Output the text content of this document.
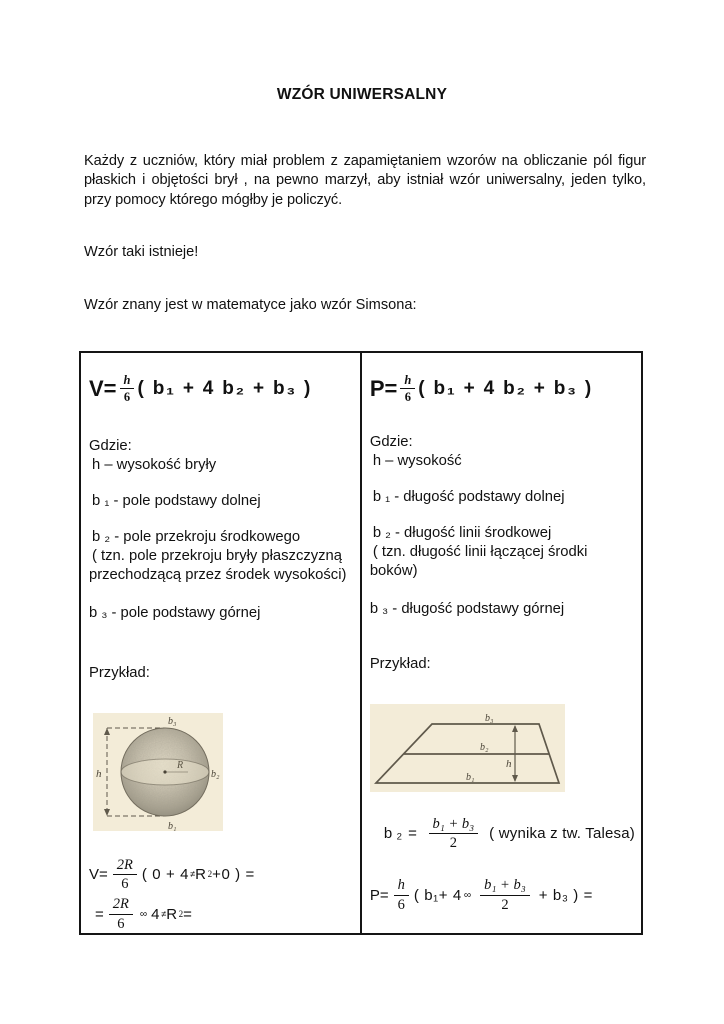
WZÓR UNIWERSALNY
Każdy z uczniów, który miał problem z zapamiętaniem wzorów na obliczanie pól figur płaskich i objętości brył , na pewno marzył, aby istniał wzór uniwersalny, jeden tylko, przy pomocy którego mógłby je policzyć.
Wzór taki istnieje!
Wzór znany jest w matematyce jako wzór Simsona:
$V= \frac{h}{6}$ ( b₁ + 4 b₂ + b₃ )
Gdzie:
h – wysokość bryły
b ₁ - pole podstawy dolnej
b ₂ - pole przekroju środkowego
( tzn. pole przekroju bryły płaszczyzną
przechodzącą przez środek wysokości)
b ₃ - pole podstawy górnej
Przykład:
R
h
b₃
b₂
b₁
$V= \frac{2R}{6}$ ( 0 + 4 ≠ R 2 +0 ) =
= $\frac{2R}{6}$ ∞ 4 ≠ R 2 =
$P= \frac{h}{6}$ ( b₁ + 4 b₂ + b₃ )
Gdzie:
h – wysokość
b ₁ - długość podstawy dolnej
b ₂ - długość linii środkowej
( tzn. długość linii łączącej środki
boków)
b ₃ - długość podstawy górnej
Przykład:
b₃
b₂
b₁
h
b $_2 = \frac{\text{b₁ + b₃}}{2}$ ( wynika z tw. Talesa)
$P= \frac{h}{6}$ ( b₁+ 4 ∞ $\frac{\text{b₁ + b₃}}{2} + b_3$ ) =
